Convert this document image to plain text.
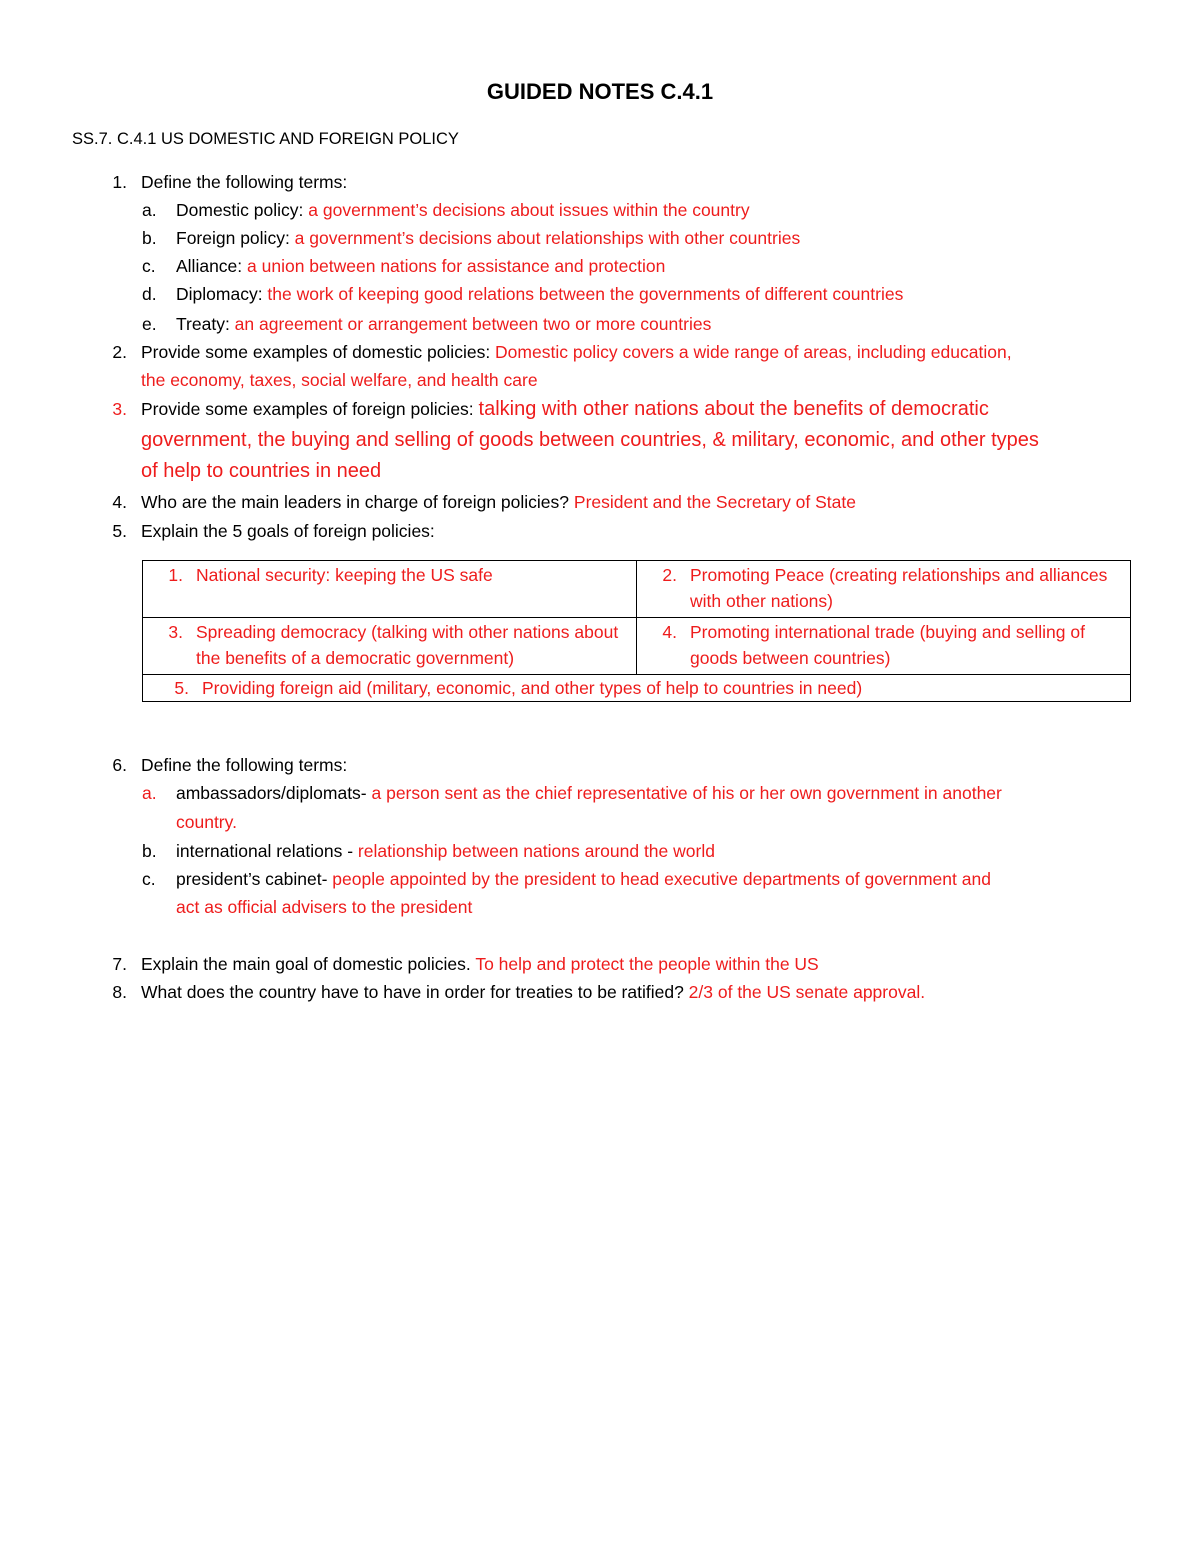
GUIDED NOTES C.4.1
SS.7. C.4.1 US DOMESTIC AND FOREIGN POLICY
1. Define the following terms:
a. Domestic policy: a government’s decisions about issues within the country
b. Foreign policy: a government’s decisions about relationships with other countries
c. Alliance: a union between nations for assistance and protection
d. Diplomacy: the work of keeping good relations between the governments of different countries
e. Treaty: an agreement or arrangement between two or more countries
2. Provide some examples of domestic policies: Domestic policy covers a wide range of areas, including education,
the economy, taxes, social welfare, and health care
3. Provide some examples of foreign policies: talking with other nations about the benefits of democratic
government, the buying and selling of goods between countries, & military, economic, and other types
of help to countries in need
4. Who are the main leaders in charge of foreign policies? President and the Secretary of State
5. Explain the 5 goals of foreign policies:
1. National security: keeping the US safe	2. Promoting Peace (creating relationships and alliances with other nations)

3. Spreading democracy (talking with other nations about the benefits of a democratic government)	4. Promoting international trade (buying and selling of goods between countries)

5. Providing foreign aid (military, economic, and other types of help to countries in need)	
6. Define the following terms:
a. ambassadors/diplomats- a person sent as the chief representative of his or her own government in another
country.
b. international relations - relationship between nations around the world
c. president’s cabinet- people appointed by the president to head executive departments of government and
act as official advisers to the president
7. Explain the main goal of domestic policies. To help and protect the people within the US
8. What does the country have to have in order for treaties to be ratified? 2/3 of the US senate approval.
